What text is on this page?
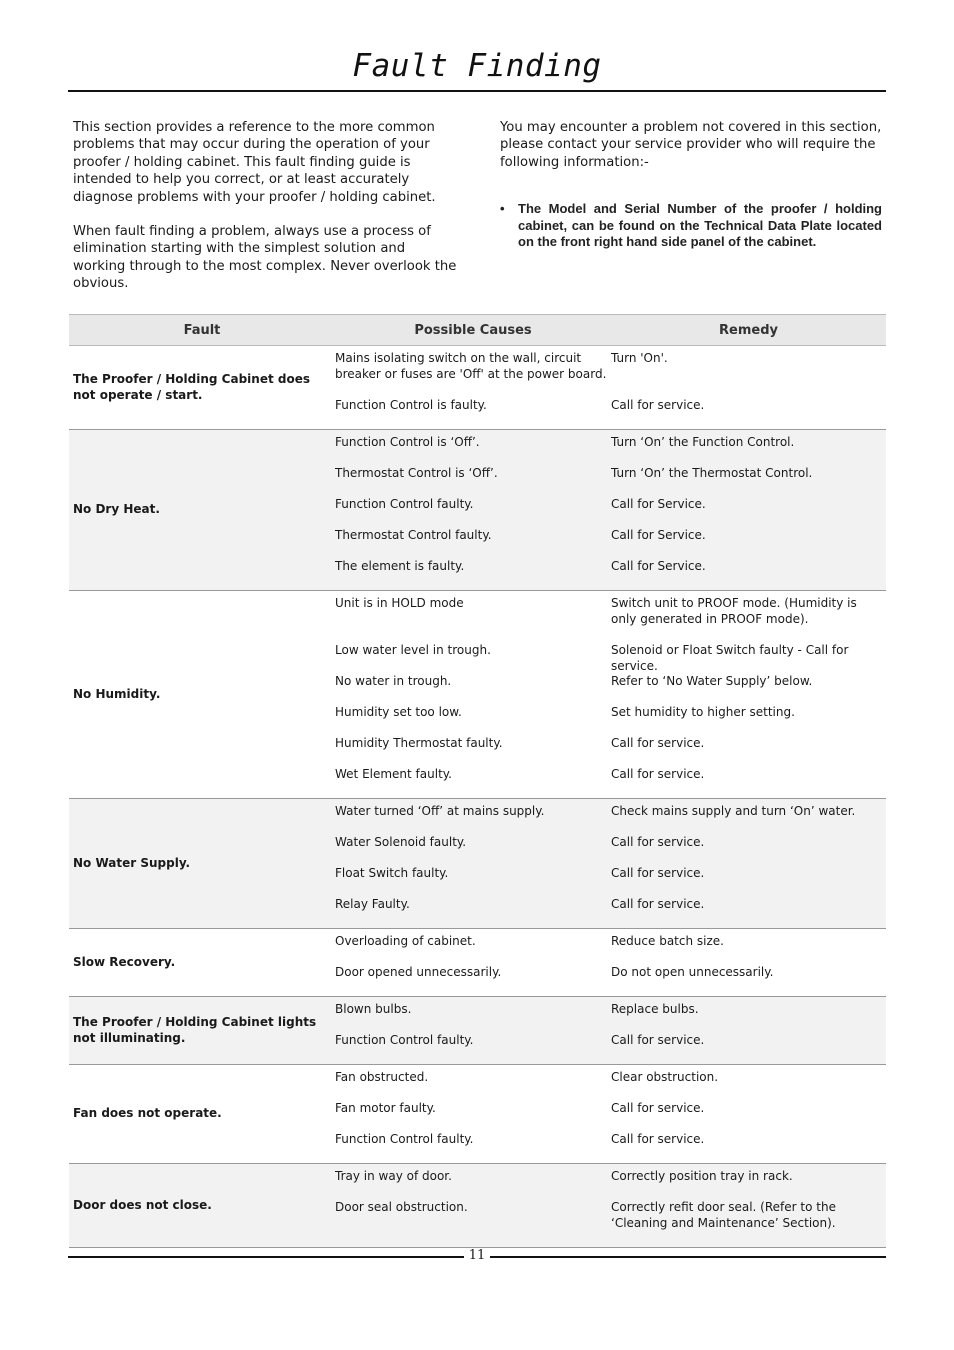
Fault Finding

This section provides a reference to the more common problems that may occur during the operation of your proofer / holding cabinet. This fault finding guide is intended to help you correct, or at least accurately diagnose problems with your proofer / holding cabinet.

When fault finding a problem, always use a process of elimination starting with the simplest solution and working through to the most complex. Never overlook the obvious.

You may encounter a problem not covered in this section, please contact your service provider who will require the following information:-

• The Model and Serial Number of the proofer / holding cabinet, can be found on the Technical Data Plate located on the front right hand side panel of the cabinet.
Fault	Possible Causes	Remedy
The Proofer / Holding Cabinet does not operate / start.	Mains isolating switch on the wall, circuit breaker or fuses are 'Off' at the power board.	Turn 'On'.
	Function Control is faulty.	Call for service.
No Dry Heat.	Function Control is ‘Off’.	Turn ‘On’ the Function Control.
	Thermostat Control is ‘Off’.	Turn ‘On’ the Thermostat Control.
	Function Control faulty.	Call for Service.
	Thermostat Control faulty.	Call for Service.
	The element is faulty.	Call for Service.
No Humidity.	Unit is in HOLD mode	Switch unit to PROOF mode. (Humidity is only generated in PROOF mode).
	Low water level in trough.	Solenoid or Float Switch faulty - Call for service.
	No water in trough.	Refer to ‘No Water Supply’ below.
	Humidity set too low.	Set humidity to higher setting.
	Humidity Thermostat faulty.	Call for service.
	Wet Element faulty.	Call for service.
No Water Supply.	Water turned ‘Off’ at mains supply.	Check mains supply and turn ‘On’ water.
	Water Solenoid faulty.	Call for service.
	Float Switch faulty.	Call for service.
	Relay Faulty.	Call for service.
Slow Recovery.	Overloading of cabinet.	Reduce batch size.
	Door opened unnecessarily.	Do not open unnecessarily.
The Proofer / Holding Cabinet lights not illuminating.	Blown bulbs.	Replace bulbs.
	Function Control faulty.	Call for service.
Fan does not operate.	Fan obstructed.	Clear obstruction.
	Fan motor faulty.	Call for service.
	Function Control faulty.	Call for service.
Door does not close.	Tray in way of door.	Correctly position tray in rack.
	Door seal obstruction.	Correctly refit door seal. (Refer to the ‘Cleaning and Maintenance’ Section).
11
